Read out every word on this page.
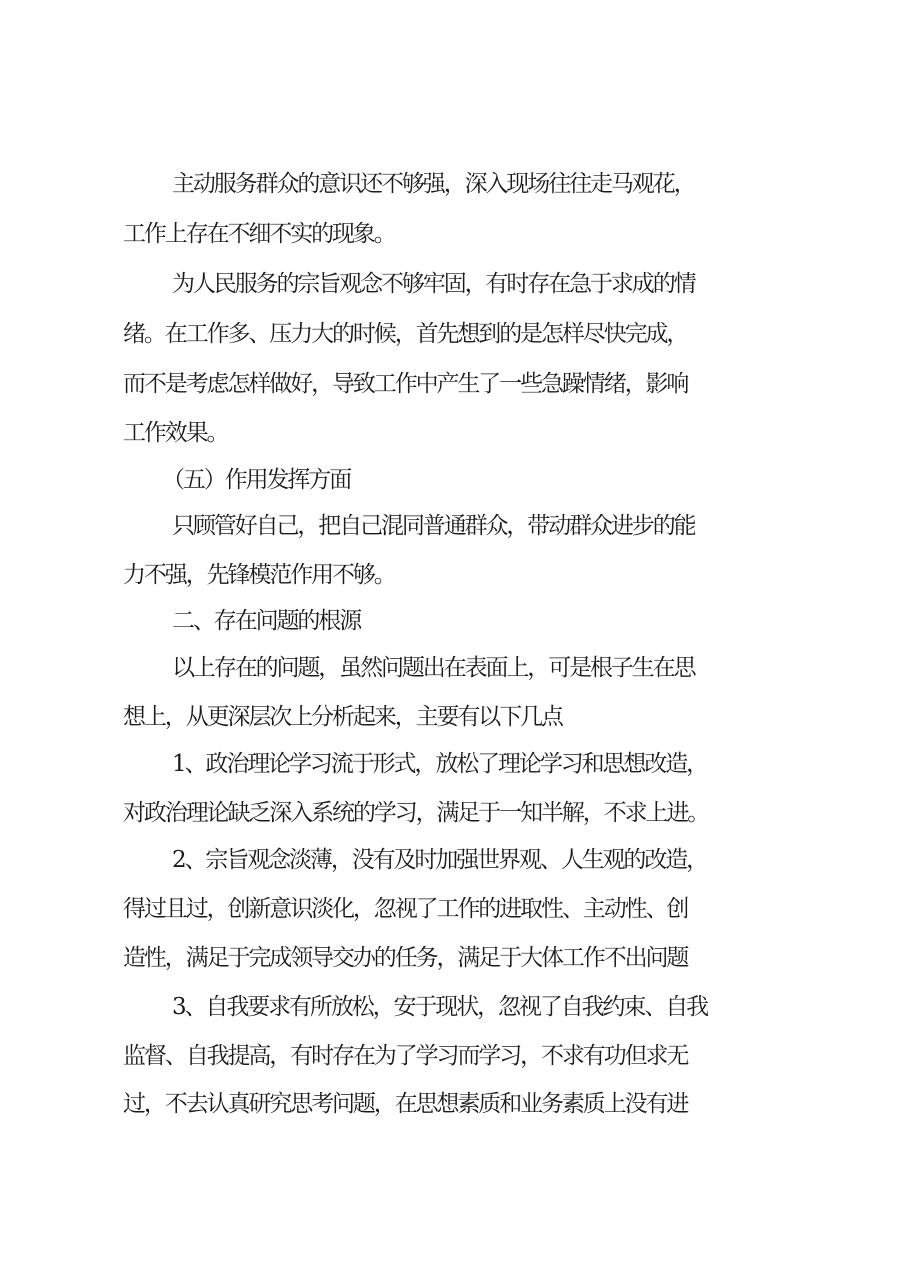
主动服务群众的意识还不够强，深入现场往往走马观花，
工作上存在不细不实的现象。
为人民服务的宗旨观念不够牢固，有时存在急于求成的情
绪。在工作多、压力大的时候，首先想到的是怎样尽快完成，
而不是考虑怎样做好，导致工作中产生了一些急躁情绪，影响
工作效果。
（五）作用发挥方面
只顾管好自己，把自己混同普通群众，带动群众进步的能
力不强，先锋模范作用不够。
二、存在问题的根源
以上存在的问题，虽然问题出在表面上，可是根子生在思
想上，从更深层次上分析起来，主要有以下几点
1、政治理论学习流于形式，放松了理论学习和思想改造，
对政治理论缺乏深入系统的学习，满足于一知半解，不求上进。
2、宗旨观念淡薄，没有及时加强世界观、人生观的改造，
得过且过，创新意识淡化，忽视了工作的进取性、主动性、创
造性，满足于完成领导交办的任务，满足于大体工作不出问题
3、自我要求有所放松，安于现状，忽视了自我约束、自我
监督、自我提高，有时存在为了学习而学习，不求有功但求无
过，不去认真研究思考问题，在思想素质和业务素质上没有进
